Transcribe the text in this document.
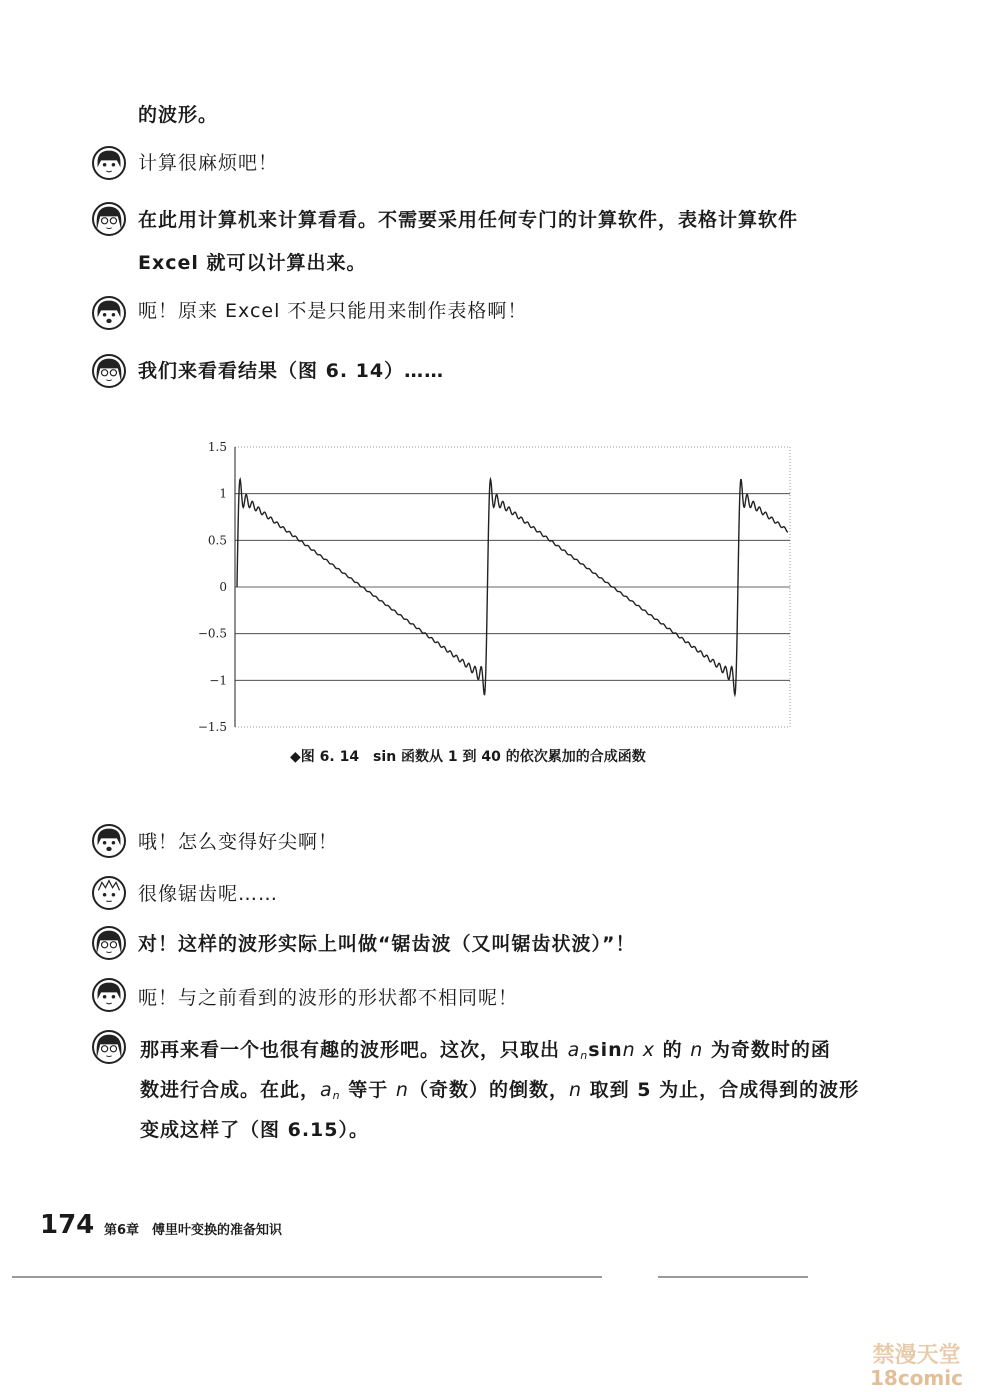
的波形。
计算很麻烦吧！
在此用计算机来计算看看。不需要采用任何专门的计算软件，表格计算软件
Excel 就可以计算出来。
呃！原来 Excel 不是只能用来制作表格啊！
我们来看看结果（图 6. 14）……
1.5
1
0.5
0
−0.5
−1
−1.5
◆图 6. 14　sin 函数从 1 到 40 的依次累加的合成函数
哦！怎么变得好尖啊！
很像锯齿呢……
对！这样的波形实际上叫做“锯齿波（又叫锯齿状波）”！
呃！与之前看到的波形的形状都不相同呢！
那再来看一个也很有趣的波形吧。这次，只取出 $a_n\sin n$ x 的 n 为奇数时的函
数进行合成。在此，$a_n$ 等于 n（奇数）的倒数，n 取到 5 为止，合成得到的波形
变成这样了（图 6.15）。
174 第6章　傅里叶变换的准备知识
禁漫天堂
18comic
